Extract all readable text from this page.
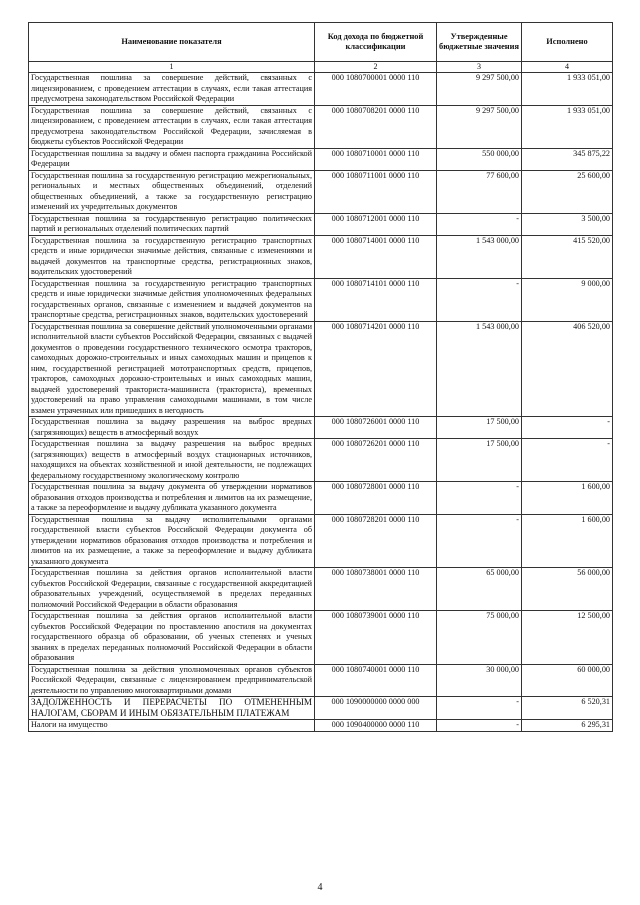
Наименование показателя	Код дохода по бюджетной классификации	Утвержденные бюджетные значения	Исполнено
1	2	3	4
Государственная пошлина за совершение действий, связанных с лицензированием, с проведением аттестации в случаях, если такая аттестация предусмотрена законодательством Российской Федерации	000 1080700001 0000 110	9 297 500,00	1 933 051,00
Государственная пошлина за совершение действий, связанных с лицензированием, с проведением аттестации в случаях, если такая аттестация предусмотрена законодательством Российской Федерации, зачисляемая в бюджеты субъектов Российской Федерации	000 1080708201 0000 110	9 297 500,00	1 933 051,00
Государственная пошлина за выдачу и обмен паспорта гражданина Российской Федерации	000 1080710001 0000 110	550 000,00	345 875,22
Государственная пошлина за государственную регистрацию межрегиональных, региональных и местных общественных объединений, отделений общественных объединений, а также за государственную регистрацию изменений их учредительных документов	000 1080711001 0000 110	77 600,00	25 600,00
Государственная пошлина за государственную регистрацию политических партий и региональных отделений политических партий	000 1080712001 0000 110	-	3 500,00
Государственная пошлина за государственную регистрацию транспортных средств и иные юридически значимые действия, связанные с изменениями и выдачей документов на транспортные средства, регистрационных знаков, водительских удостоверений	000 1080714001 0000 110	1 543 000,00	415 520,00
Государственная пошлина за государственную регистрацию транспортных средств и иные юридически значимые действия уполномоченных федеральных государственных органов, связанные с изменением и выдачей документов на транспортные средства, регистрационных знаков, водительских удостоверений	000 1080714101 0000 110	-	9 000,00
Государственная пошлина за совершение действий уполномоченными органами исполнительной власти субъектов Российской Федерации, связанных с выдачей документов о проведении государственного технического осмотра тракторов, самоходных дорожно-строительных и иных самоходных машин и прицепов к ним, государственной регистрацией мототранспортных средств, прицепов, тракторов, самоходных дорожно-строительных и иных самоходных машин, выдачей удостоверений тракториста-машиниста (тракториста), временных удостоверений на право управления самоходными машинами, в том числе взамен утраченных или пришедших в негодность	000 1080714201 0000 110	1 543 000,00	406 520,00
Государственная пошлина за выдачу разрешения на выброс вредных (загрязняющих) веществ в атмосферный воздух	000 1080726001 0000 110	17 500,00	-
Государственная пошлина за выдачу разрешения на выброс вредных (загрязняющих) веществ в атмосферный воздух стационарных источников, находящихся на объектах хозяйственной и иной деятельности, не подлежащих федеральному государственному экологическому контролю	000 1080726201 0000 110	17 500,00	-
Государственная пошлина за выдачу документа об утверждении нормативов образования отходов производства и потребления и лимитов на их размещение, а также за переоформление и выдачу дубликата указанного документа	000 1080728001 0000 110	-	1 600,00
Государственная пошлина за выдачу исполнительными органами государственной власти субъектов Российской Федерации документа об утверждении нормативов образования отходов производства и потребления и лимитов на их размещение, а также за переоформление и выдачу дубликата указанного документа	000 1080728201 0000 110	-	1 600,00
Государственная пошлина за действия органов исполнительной власти субъектов Российской Федерации, связанные с государственной аккредитацией образовательных учреждений, осуществляемой в пределах переданных полномочий Российской Федерации в области образования	000 1080738001 0000 110	65 000,00	56 000,00
Государственная пошлина за действия органов исполнительной власти субъектов Российской Федерации по проставлению апостиля на документах государственного образца об образовании, об ученых степенях и ученых званиях в пределах переданных полномочий Российской Федерации в области образования	000 1080739001 0000 110	75 000,00	12 500,00
Государственная пошлина за действия уполномоченных органов субъектов Российской Федерации, связанные с лицензированием предпринимательской деятельности по управлению многоквартирными домами	000 1080740001 0000 110	30 000,00	60 000,00
ЗАДОЛЖЕННОСТЬ И ПЕРЕРАСЧЕТЫ ПО ОТМЕНЕННЫМ НАЛОГАМ, СБОРАМ И ИНЫМ ОБЯЗАТЕЛЬНЫМ ПЛАТЕЖАМ	000 1090000000 0000 000	-	6 520,31
Налоги на имущество	000 1090400000 0000 110	-	6 295,31
4
